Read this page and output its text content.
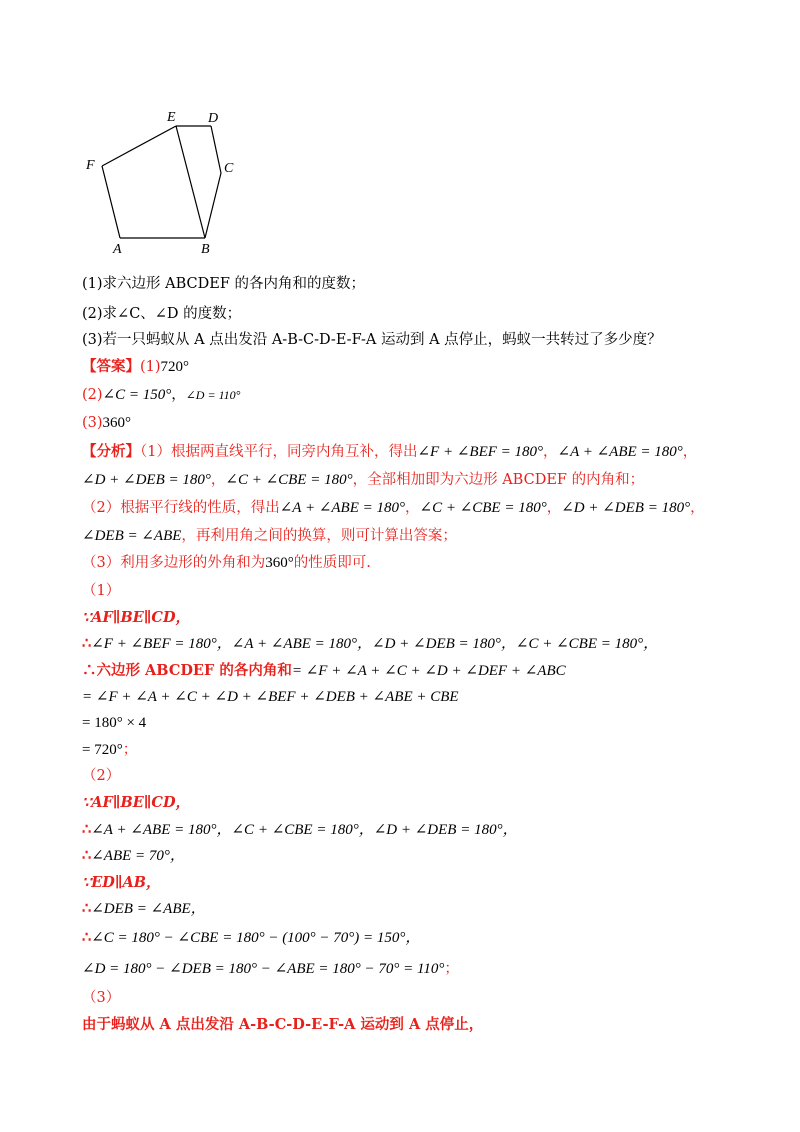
E D
C
F
A	B
(1)求六边形 ABCDEF 的各内角和的度数；
(2)求∠C、∠D 的度数；
(3)若一只蚂蚁从 A 点出发沿 A-B-C-D-E-F-A 运动到 A 点停止，蚂蚁一共转过了多少度？
【答案】(1)720°
(2)∠C = 150°，∠D = 110°
(3)360°
【分析】（1）根据两直线平行，同旁内角互补，得出∠F + ∠BEF = 180°，∠A + ∠ABE = 180°，
∠D + ∠DEB = 180°，∠C + ∠CBE = 180°，全部相加即为六边形 ABCDEF 的内角和；
（2）根据平行线的性质，得出∠A + ∠ABE = 180°，∠C + ∠CBE = 180°，∠D + ∠DEB = 180°，
∠DEB = ∠ABE，再利用角之间的换算，则可计算出答案；
（3）利用多边形的外角和为360°的性质即可.
（1）
∵AF∥BE∥CD，
∴∠F + ∠BEF = 180°，∠A + ∠ABE = 180°，∠D + ∠DEB = 180°，∠C + ∠CBE = 180°，
∴六边形 ABCDEF 的各内角和= ∠F + ∠A + ∠C + ∠D + ∠DEF + ∠ABC
= ∠F + ∠A + ∠C + ∠D + ∠BEF + ∠DEB + ∠ABE + CBE
= 180° × 4
= 720°；
（2）
∵AF∥BE∥CD，
∴∠A + ∠ABE = 180°，∠C + ∠CBE = 180°，∠D + ∠DEB = 180°，
∴∠ABE = 70°，
∵ED∥AB，
∴∠DEB = ∠ABE，
∴∠C = 180° − ∠CBE = 180° − (100° − 70°) = 150°，
∠D = 180° − ∠DEB = 180° − ∠ABE = 180° − 70° = 110°；
（3）
由于蚂蚁从 A 点出发沿 A-B-C-D-E-F-A 运动到 A 点停止，
